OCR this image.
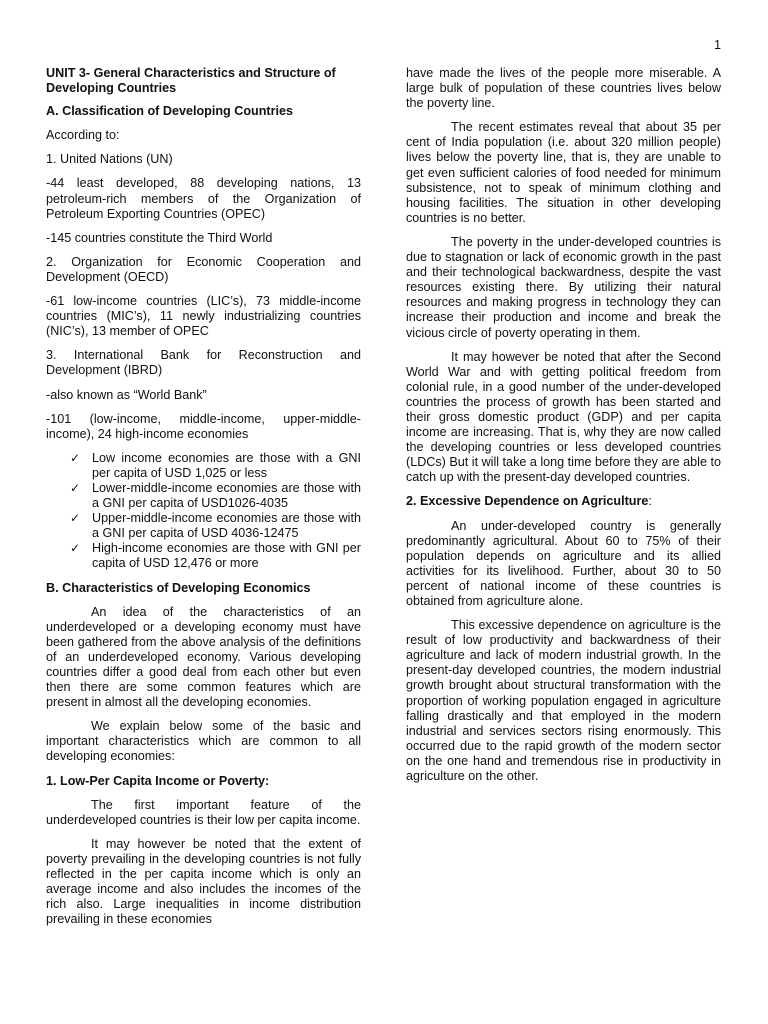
1

UNIT 3- General Characteristics and Structure of Developing Countries

A. Classification of Developing Countries

According to:

1. United Nations (UN)

-44 least developed, 88 developing nations, 13 petroleum-rich members of the Organization of Petroleum Exporting Countries (OPEC)

-145 countries constitute the Third World

2. Organization for Economic Cooperation and Development (OECD)

-61 low-income countries (LIC’s), 73 middle-income countries (MIC’s), 11 newly industrializing countries (NIC’s), 13 member of OPEC

3. International Bank for Reconstruction and Development (IBRD)

-also known as “World Bank”

-101 (low-income, middle-income, upper-middle-income), 24 high-income economies

✓ Low income economies are those with a GNI per capita of USD 1,025 or less
✓ Lower-middle-income economies are those with a GNI per capita of USD1026-4035
✓ Upper-middle-income economies are those with a GNI per capita of USD 4036-12475
✓ High-income economies are those with GNI per capita of USD 12,476 or more

B. Characteristics of Developing Economics

An idea of the characteristics of an underdeveloped or a developing economy must have been gathered from the above analysis of the definitions of an underdeveloped economy. Various developing countries differ a good deal from each other but even then there are some common features which are present in almost all the developing economies.

We explain below some of the basic and important characteristics which are common to all developing economies:

1. Low-Per Capita Income or Poverty:

The first important feature of the underdeveloped countries is their low per capita income.

It may however be noted that the extent of poverty prevailing in the developing countries is not fully reflected in the per capita income which is only an average income and also includes the incomes of the rich also. Large inequalities in income distribution prevailing in these economies

have made the lives of the people more miserable. A large bulk of population of these countries lives below the poverty line.

The recent estimates reveal that about 35 per cent of India population (i.e. about 320 million people) lives below the poverty line, that is, they are unable to get even sufficient calories of food needed for minimum subsistence, not to speak of minimum clothing and housing facilities. The situation in other developing countries is no better.

The poverty in the under-developed countries is due to stagnation or lack of economic growth in the past and their technological backwardness, despite the vast resources existing there. By utilizing their natural resources and making progress in technology they can increase their production and income and break the vicious circle of poverty operating in them.

It may however be noted that after the Second World War and with getting political freedom from colonial rule, in a good number of the under-developed countries the process of growth has been started and their gross domestic product (GDP) and per capita income are increasing. That is, why they are now called the developing countries or less developed countries (LDCs) But it will take a long time before they are able to catch up with the present-day developed countries.

2. Excessive Dependence on Agriculture:

An under-developed country is generally predominantly agricultural. About 60 to 75% of their population depends on agriculture and its allied activities for its livelihood. Further, about 30 to 50 percent of national income of these countries is obtained from agriculture alone.

This excessive dependence on agriculture is the result of low productivity and backwardness of their agriculture and lack of modern industrial growth. In the present-day developed countries, the modern industrial growth brought about structural transformation with the proportion of working population engaged in agriculture falling drastically and that employed in the modern industrial and services sectors rising enormously. This occurred due to the rapid growth of the modern sector on the one hand and tremendous rise in productivity in agriculture on the other.
